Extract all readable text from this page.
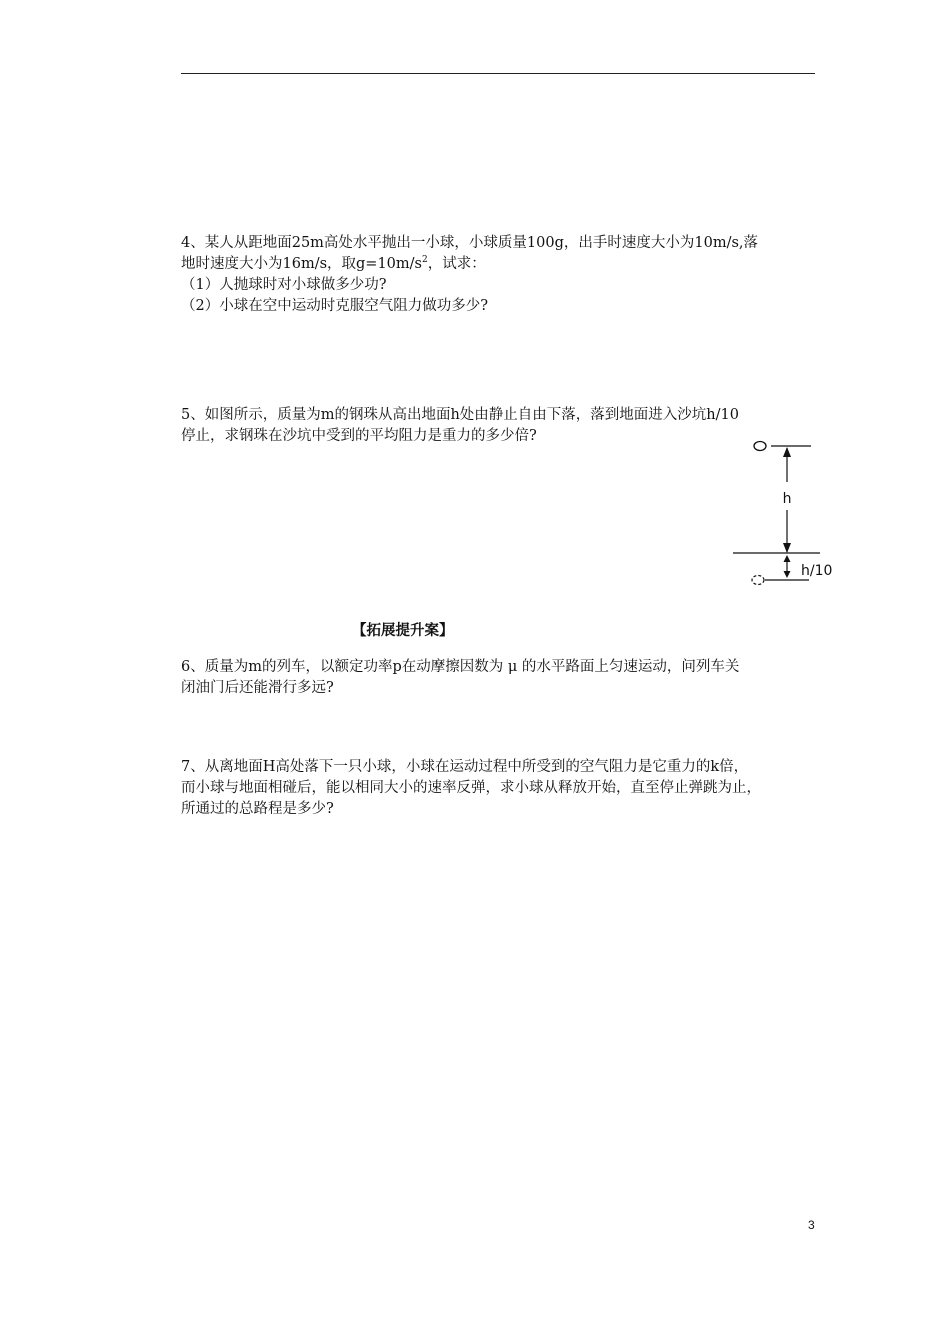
4、某人从距地面25m高处水平抛出一小球，小球质量100g，出手时速度大小为10m/s,落
地时速度大小为16m/s，取$g=10m/s^2$，试求：
（1）人抛球时对小球做多少功?
（2）小球在空中运动时克服空气阻力做功多少?
5、如图所示，质量为m的钢珠从高出地面h处由静止自由下落，落到地面进入沙坑h/10
停止，求钢珠在沙坑中受到的平均阻力是重力的多少倍?
h
h/10
【拓展提升案】
6、质量为m的列车，以额定功率p在动摩擦因数为 μ 的水平路面上匀速运动，问列车关
闭油门后还能滑行多远?
7、从离地面H高处落下一只小球，小球在运动过程中所受到的空气阻力是它重力的k倍，
而小球与地面相碰后，能以相同大小的速率反弹，求小球从释放开始，直至停止弹跳为止，
所通过的总路程是多少?
3
